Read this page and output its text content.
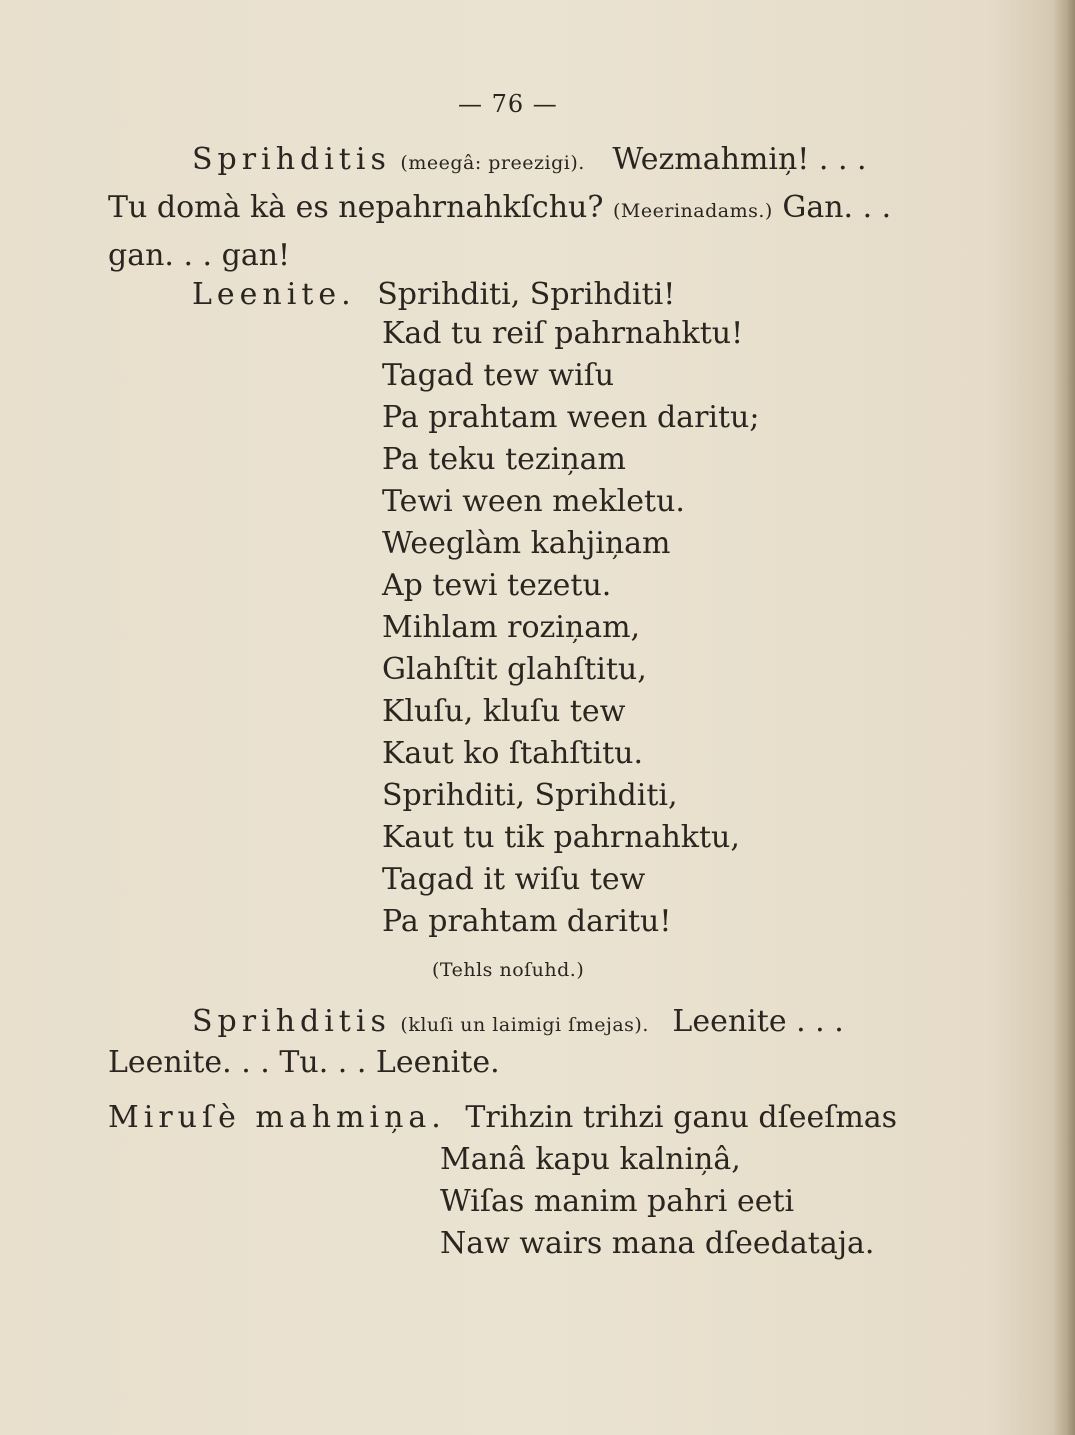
— 76 —
Sprihditis (meegâ: preezigi). Wezmahmiņ! . . .
Tu domà kà es nepahrnahkſchu? (Meerinadams.) Gan. . .
gan. . . gan!
Leenite. Sprihditi, Sprihditi!
Kad tu reiſ pahrnahktu!
Tagad tew wiſu
Pa prahtam ween daritu;
Pa teku teziņam
Tewi ween mekletu.
Weeglàm kahjiņam
Ap tewi tezetu.
Mihlam roziņam,
Glahſtit glahſtitu,
Kluſu, kluſu tew
Kaut ko ſtahſtitu.
Sprihditi, Sprihditi,
Kaut tu tik pahrnahktu,
Tagad it wiſu tew
Pa prahtam daritu!
(Tehls noſuhd.)
Sprihditis (kluſi un laimigi ſmejas). Leenite . . .
Leenite. . . Tu. . . Leenite.
Miruſè mahmiņa. Trihzin trihzi ganu dſeeſmas
Manâ kapu kalniņâ,
Wiſas manim pahri eeti
Naw wairs mana dſeedataja.
